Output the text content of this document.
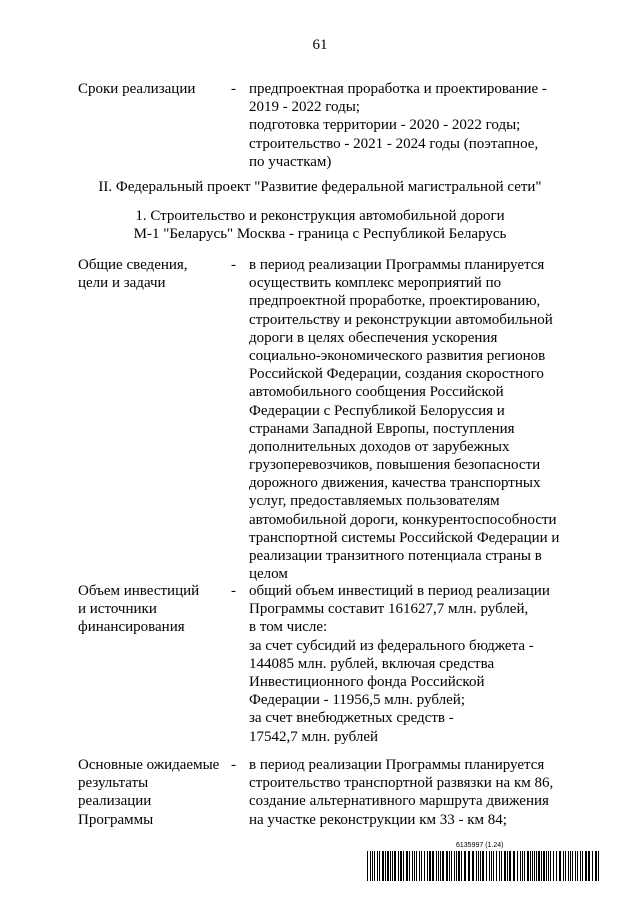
61
Сроки реализации	- предпроектная проработка и проектирование -
2019 - 2022 годы;
подготовка территории - 2020 - 2022 годы;
строительство - 2021 - 2024 годы (поэтапное,
по участкам)
II. Федеральный проект "Развитие федеральной магистральной сети"
1. Строительство и реконструкция автомобильной дороги
М-1 "Беларусь" Москва - граница с Республикой Беларусь
Общие сведения,
цели и задачи
- в период реализации Программы планируется
осуществить комплекс мероприятий по
предпроектной проработке, проектированию,
строительству и реконструкции автомобильной
дороги в целях обеспечения ускорения
социально-экономического развития регионов
Российской Федерации, создания скоростного
автомобильного сообщения Российской
Федерации с Республикой Белоруссия и
странами Западной Европы, поступления
дополнительных доходов от зарубежных
грузоперевозчиков, повышения безопасности
дорожного движения, качества транспортных
услуг, предоставляемых пользователям
автомобильной дороги, конкурентоспособности
транспортной системы Российской Федерации и
реализации транзитного потенциала страны в
целом
Объем инвестиций
и источники
финансирования
- общий объем инвестиций в период реализации
Программы составит 161627,7 млн. рублей,
в том числе:
за счет субсидий из федерального бюджета -
144085 млн. рублей, включая средства
Инвестиционного фонда Российской
Федерации - 11956,5 млн. рублей;
за счет внебюджетных средств -
17542,7 млн. рублей
Основные ожидаемые
результаты
реализации
Программы
- в период реализации Программы планируется
строительство транспортной развязки на км 86,
создание альтернативного маршрута движения
на участке реконструкции км 33 - км 84;
6135997 (1.24)
